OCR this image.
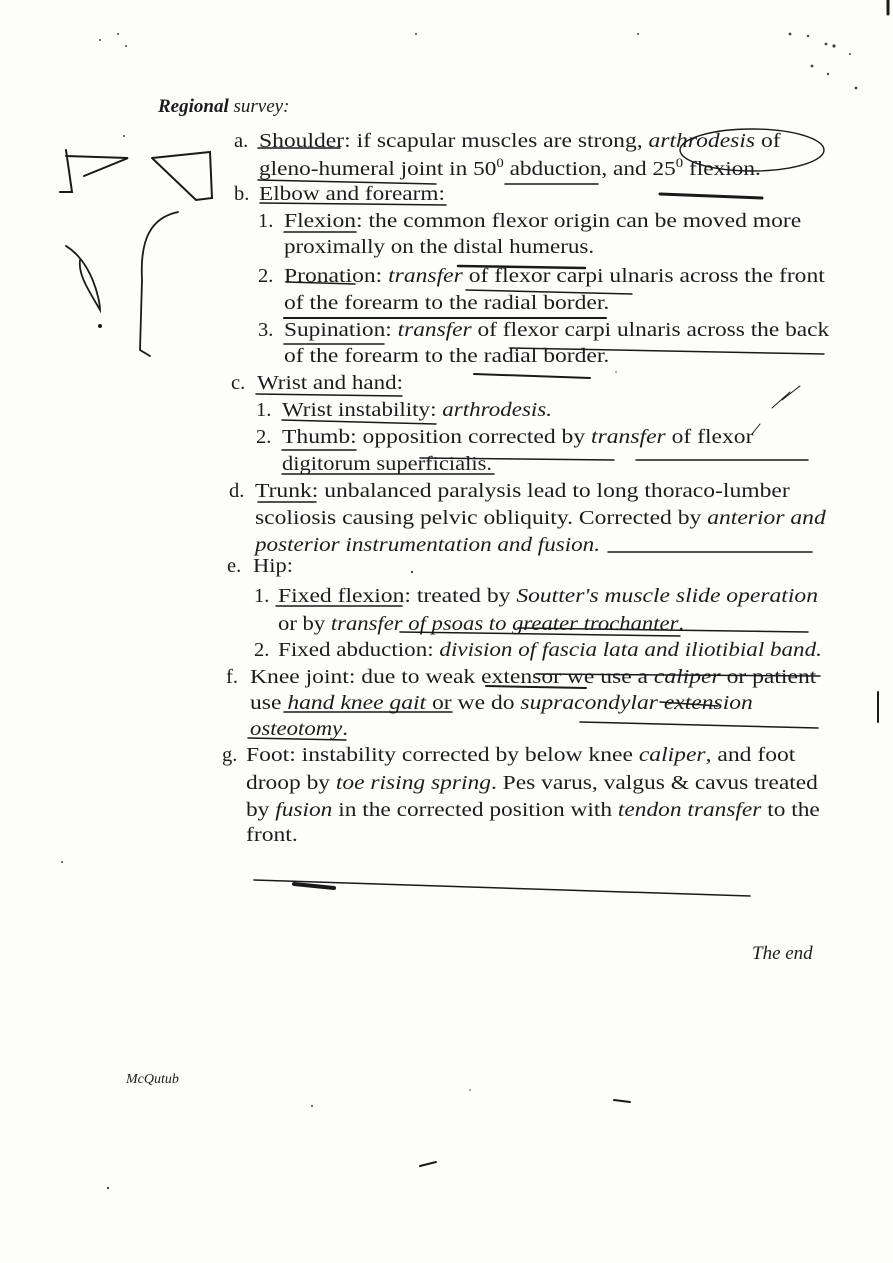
Regional survey:
a. Shoulder: if scapular muscles are strong, arthrodesis of
gleno-humeral joint in $50^0$ abduction, and $25^0$ flexion.
b. Elbow and forearm:
1. Flexion: the common flexor origin can be moved more
proximally on the distal humerus.
2. Pronation: transfer of flexor carpi ulnaris across the front
of the forearm to the radial border.
3. Supination: transfer of flexor carpi ulnaris across the back
of the forearm to the radial border.
c. Wrist and hand:
1. Wrist instability: arthrodesis.
2. Thumb: opposition corrected by transfer of flexor
digitorum superficialis.
d. Trunk: unbalanced paralysis lead to long thoraco-lumber
scoliosis causing pelvic obliquity. Corrected by anterior and
posterior instrumentation and fusion.
e. Hip:
1. Fixed flexion: treated by Soutter's muscle slide operation
or by transfer of psoas to greater trochanter.
2. Fixed abduction: division of fascia lata and iliotibial band.
f. Knee joint: due to weak extensor we use a caliper or patient
use hand knee gait or we do supracondylar extension
osteotomy.
g. Foot: instability corrected by below knee caliper, and foot
droop by toe rising spring. Pes varus, valgus & cavus treated
by fusion in the corrected position with tendon transfer to the
front.
The end
McQutub
